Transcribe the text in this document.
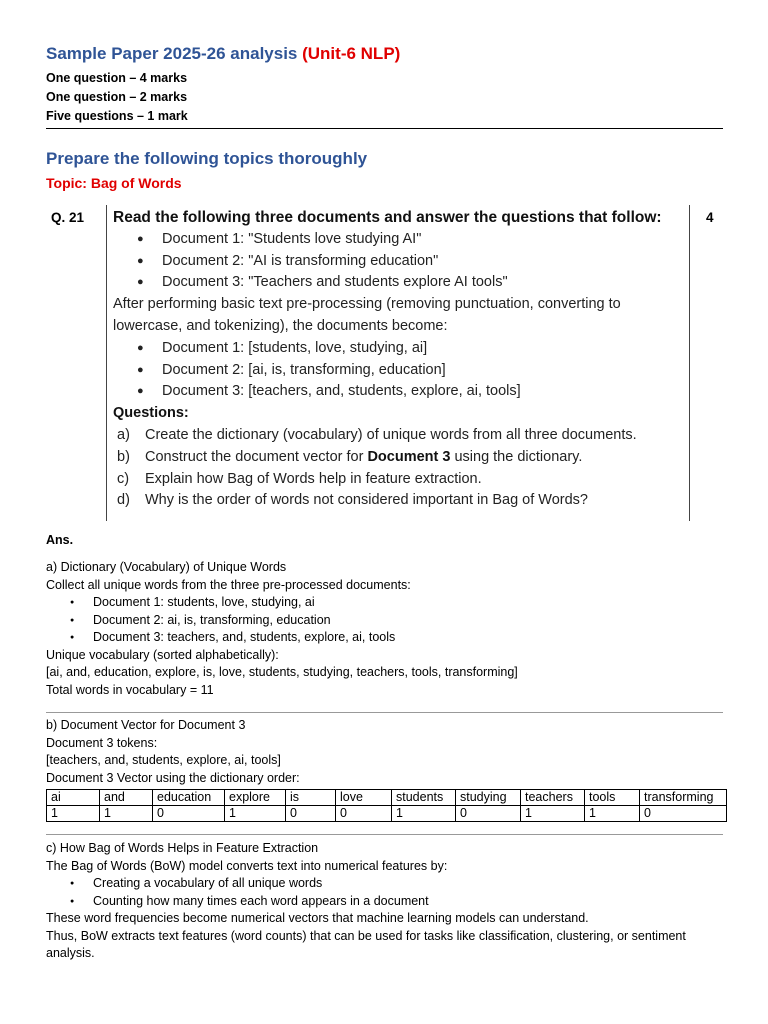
Sample Paper 2025-26 analysis (Unit-6 NLP)
One question – 4 marks
One question – 2 marks
Five questions – 1 mark
Prepare the following topics thoroughly
Topic: Bag of Words
Q. 21	4
Read the following three documents and answer the questions that follow:
● Document 1: "Students love studying AI"
● Document 2: "AI is transforming education"
● Document 3: "Teachers and students explore AI tools"
After performing basic text pre-processing (removing punctuation, converting to lowercase, and tokenizing), the documents become:
● Document 1: [students, love, studying, ai]
● Document 2: [ai, is, transforming, education]
● Document 3: [teachers, and, students, explore, ai, tools]
Questions:
a)	Create the dictionary (vocabulary) of unique words from all three documents.
b)	Construct the document vector for Document 3 using the dictionary.
c)	Explain how Bag of Words help in feature extraction.
d)	Why is the order of words not considered important in Bag of Words?
Ans.
a) Dictionary (Vocabulary) of Unique Words
Collect all unique words from the three pre-processed documents:
● Document 1: students, love, studying, ai
● Document 2: ai, is, transforming, education
● Document 3: teachers, and, students, explore, ai, tools
Unique vocabulary (sorted alphabetically):
[ai, and, education, explore, is, love, students, studying, teachers, tools, transforming]
Total words in vocabulary = 11
b) Document Vector for Document 3
Document 3 tokens:
[teachers, and, students, explore, ai, tools]
Document 3 Vector using the dictionary order:
ai	and	education	explore	is	love	students	studying	teachers	tools	transforming
1	1	0	1	0	0	1	0	1	1	0
c) How Bag of Words Helps in Feature Extraction
The Bag of Words (BoW) model converts text into numerical features by:
● Creating a vocabulary of all unique words
● Counting how many times each word appears in a document
These word frequencies become numerical vectors that machine learning models can understand.
Thus, BoW extracts text features (word counts) that can be used for tasks like classification, clustering, or sentiment analysis.
